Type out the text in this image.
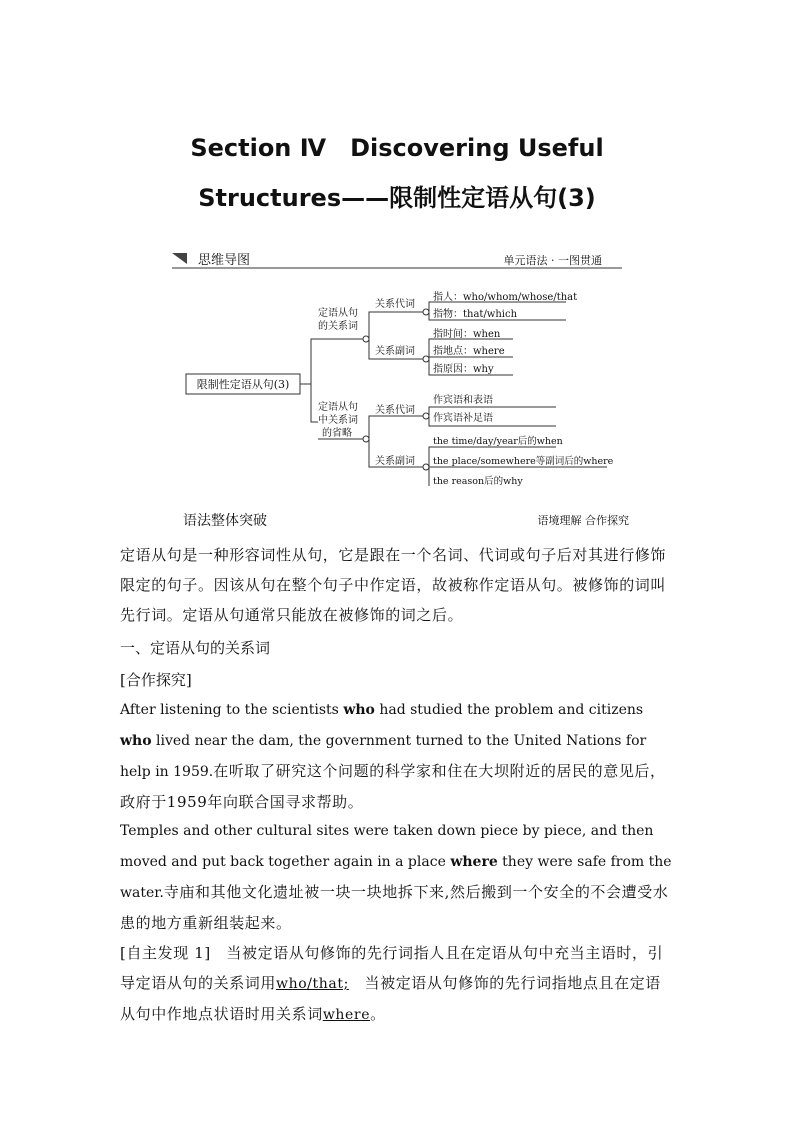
Section Ⅳ　Discovering Useful
Structures——限制性定语从句(3)
思维导图	单元语法 · 一图贯通
限制性定语从句(3)
定语从句
的关系词
关系代词
指人：who/whom/whose/that
指物：that/which
关系副词
指时间：when
指地点：where
指原因：why
定语从句
中关系词
的省略
关系代词
作宾语和表语
作宾语补足语
关系副词
the time/day/year后的when
the place/somewhere等副词后的where
the reason后的why
语法整体突破	语境理解 合作探究

定语从句是一种形容词性从句，它是跟在一个名词、代词或句子后对其进行修饰限定的句子。因该从句在整个句子中作定语，故被称作定语从句。被修饰的词叫先行词。定语从句通常只能放在被修饰的词之后。

一、定语从句的关系词

[合作探究]

After listening to the scientists who had studied the problem and citizens who lived near the dam, the government turned to the United Nations for help in 1959.在听取了研究这个问题的科学家和住在大坝附近的居民的意见后，政府于1959年向联合国寻求帮助。

Temples and other cultural sites were taken down piece by piece, and then moved and put back together again in a place where they were safe from the water.寺庙和其他文化遗址被一块一块地拆下来,然后搬到一个安全的不会遭受水患的地方重新组装起来。

[自主发现 1]　当被定语从句修饰的先行词指人且在定语从句中充当主语时，引导定语从句的关系词用who/that;　当被定语从句修饰的先行词指地点且在定语从句中作地点状语时用关系词where。
